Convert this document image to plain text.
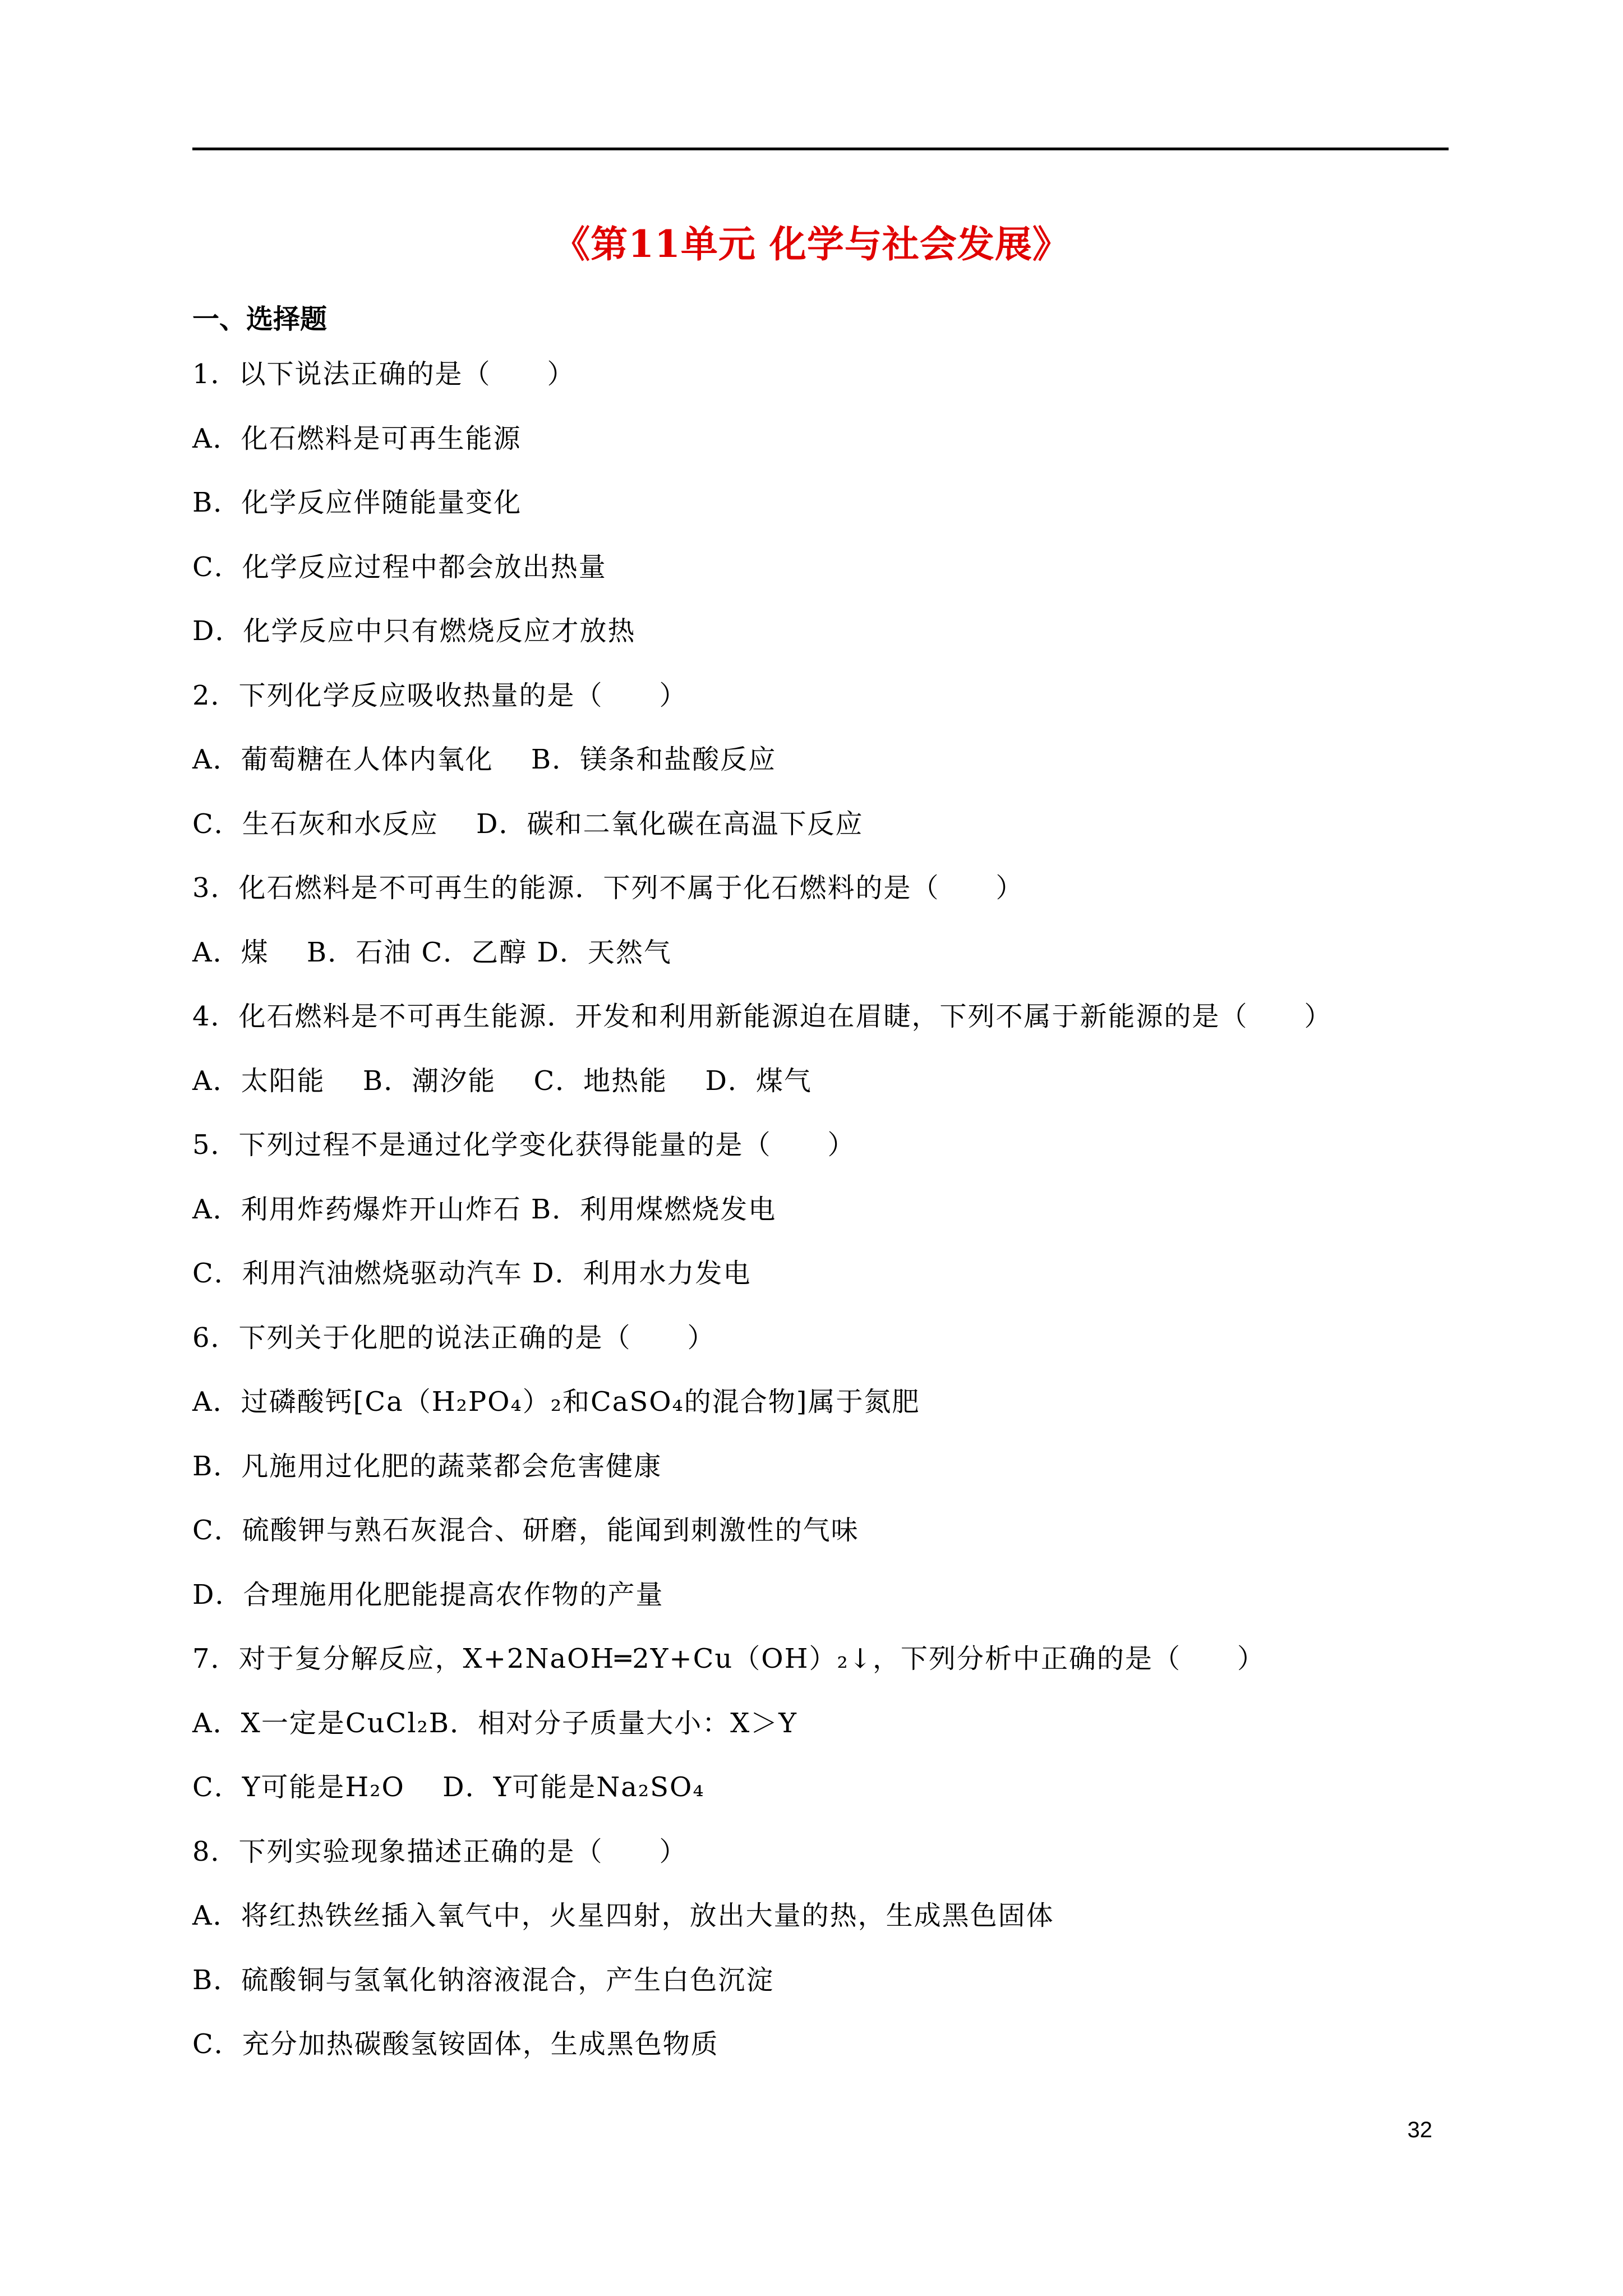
《第11单元 化学与社会发展》
一、选择题
1．以下说法正确的是（　　）
A．化石燃料是可再生能源
B．化学反应伴随能量变化
C．化学反应过程中都会放出热量
D．化学反应中只有燃烧反应才放热
2．下列化学反应吸收热量的是（　　）
A．葡萄糖在人体内氧化　 B．镁条和盐酸反应
C．生石灰和水反应　 D．碳和二氧化碳在高温下反应
3．化石燃料是不可再生的能源．下列不属于化石燃料的是（　　）
A．煤　 B．石油 C．乙醇 D．天然气
4．化石燃料是不可再生能源．开发和利用新能源迫在眉睫，下列不属于新能源的是（　　）
A．太阳能　 B．潮汐能　 C．地热能　 D．煤气
5．下列过程不是通过化学变化获得能量的是（　　）
A．利用炸药爆炸开山炸石 B．利用煤燃烧发电
C．利用汽油燃烧驱动汽车 D．利用水力发电
6．下列关于化肥的说法正确的是（　　）
A．过磷酸钙[Ca（H₂PO₄）₂和CaSO₄的混合物]属于氮肥
B．凡施用过化肥的蔬菜都会危害健康
C．硫酸钾与熟石灰混合、研磨，能闻到刺激性的气味
D．合理施用化肥能提高农作物的产量
7．对于复分解反应，X+2NaOH═2Y+Cu（OH）₂↓，下列分析中正确的是（　　）
A．X一定是CuCl₂B．相对分子质量大小：X＞Y
C．Y可能是H₂O　 D．Y可能是Na₂SO₄
8．下列实验现象描述正确的是（　　）
A．将红热铁丝插入氧气中，火星四射，放出大量的热，生成黑色固体
B．硫酸铜与氢氧化钠溶液混合，产生白色沉淀
C．充分加热碳酸氢铵固体，生成黑色物质
32
